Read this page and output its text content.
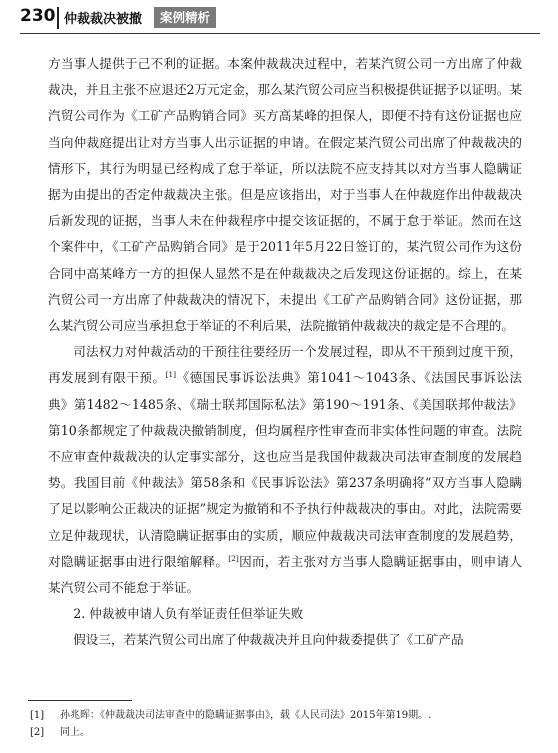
230 仲裁裁决被撤	案例精析

方当事人提供于己不利的证据。本案仲裁裁决过程中，若某汽贸公司一方出席了仲裁裁决，并且主张不应退还2万元定金，那么某汽贸公司应当积极提供证据予以证明。某汽贸公司作为《工矿产品购销合同》买方高某峰的担保人，即便不持有这份证据也应当向仲裁庭提出让对方当事人出示证据的申请。在假定某汽贸公司出席了仲裁裁决的情形下，其行为明显已经构成了怠于举证，所以法院不应支持其以对方当事人隐瞒证据为由提出的否定仲裁裁决主张。但是应该指出，对于当事人在仲裁庭作出仲裁裁决后新发现的证据，当事人未在仲裁程序中提交该证据的，不属于怠于举证。然而在这个案件中，《工矿产品购销合同》是于2011年5月22日签订的，某汽贸公司作为这份合同中高某峰方一方的担保人显然不是在仲裁裁决之后发现这份证据的。综上，在某汽贸公司一方出席了仲裁裁决的情况下，未提出《工矿产品购销合同》这份证据，那么某汽贸公司应当承担怠于举证的不利后果，法院撤销仲裁裁决的裁定是不合理的。

司法权力对仲裁活动的干预往往要经历一个发展过程，即从不干预到过度干预，再发展到有限干预。[1]《德国民事诉讼法典》第1041～1043条、《法国民事诉讼法典》第1482～1485条、《瑞士联邦国际私法》第190～191条、《美国联邦仲裁法》第10条都规定了仲裁裁决撤销制度，但均属程序性审查而非实体性问题的审查。法院不应审查仲裁裁决的认定事实部分，这也应当是我国仲裁裁决司法审查制度的发展趋势。我国目前《仲裁法》第58条和《民事诉讼法》第237条明确将“双方当事人隐瞒了足以影响公正裁决的证据”规定为撤销和不予执行仲裁裁决的事由。对此，法院需要立足仲裁现状，认清隐瞒证据事由的实质，顺应仲裁裁决司法审查制度的发展趋势，对隐瞒证据事由进行限缩解释。[2]因而，若主张对方当事人隐瞒证据事由，则申请人某汽贸公司不能怠于举证。

2. 仲裁被申请人负有举证责任但举证失败

假设三，若某汽贸公司出席了仲裁裁决并且向仲裁委提供了《工矿产品

[1] 孙兆晖：《仲裁裁决司法审查中的隐瞒证据事由》，载《人民司法》2015年第19期。.
[2] 同上。
